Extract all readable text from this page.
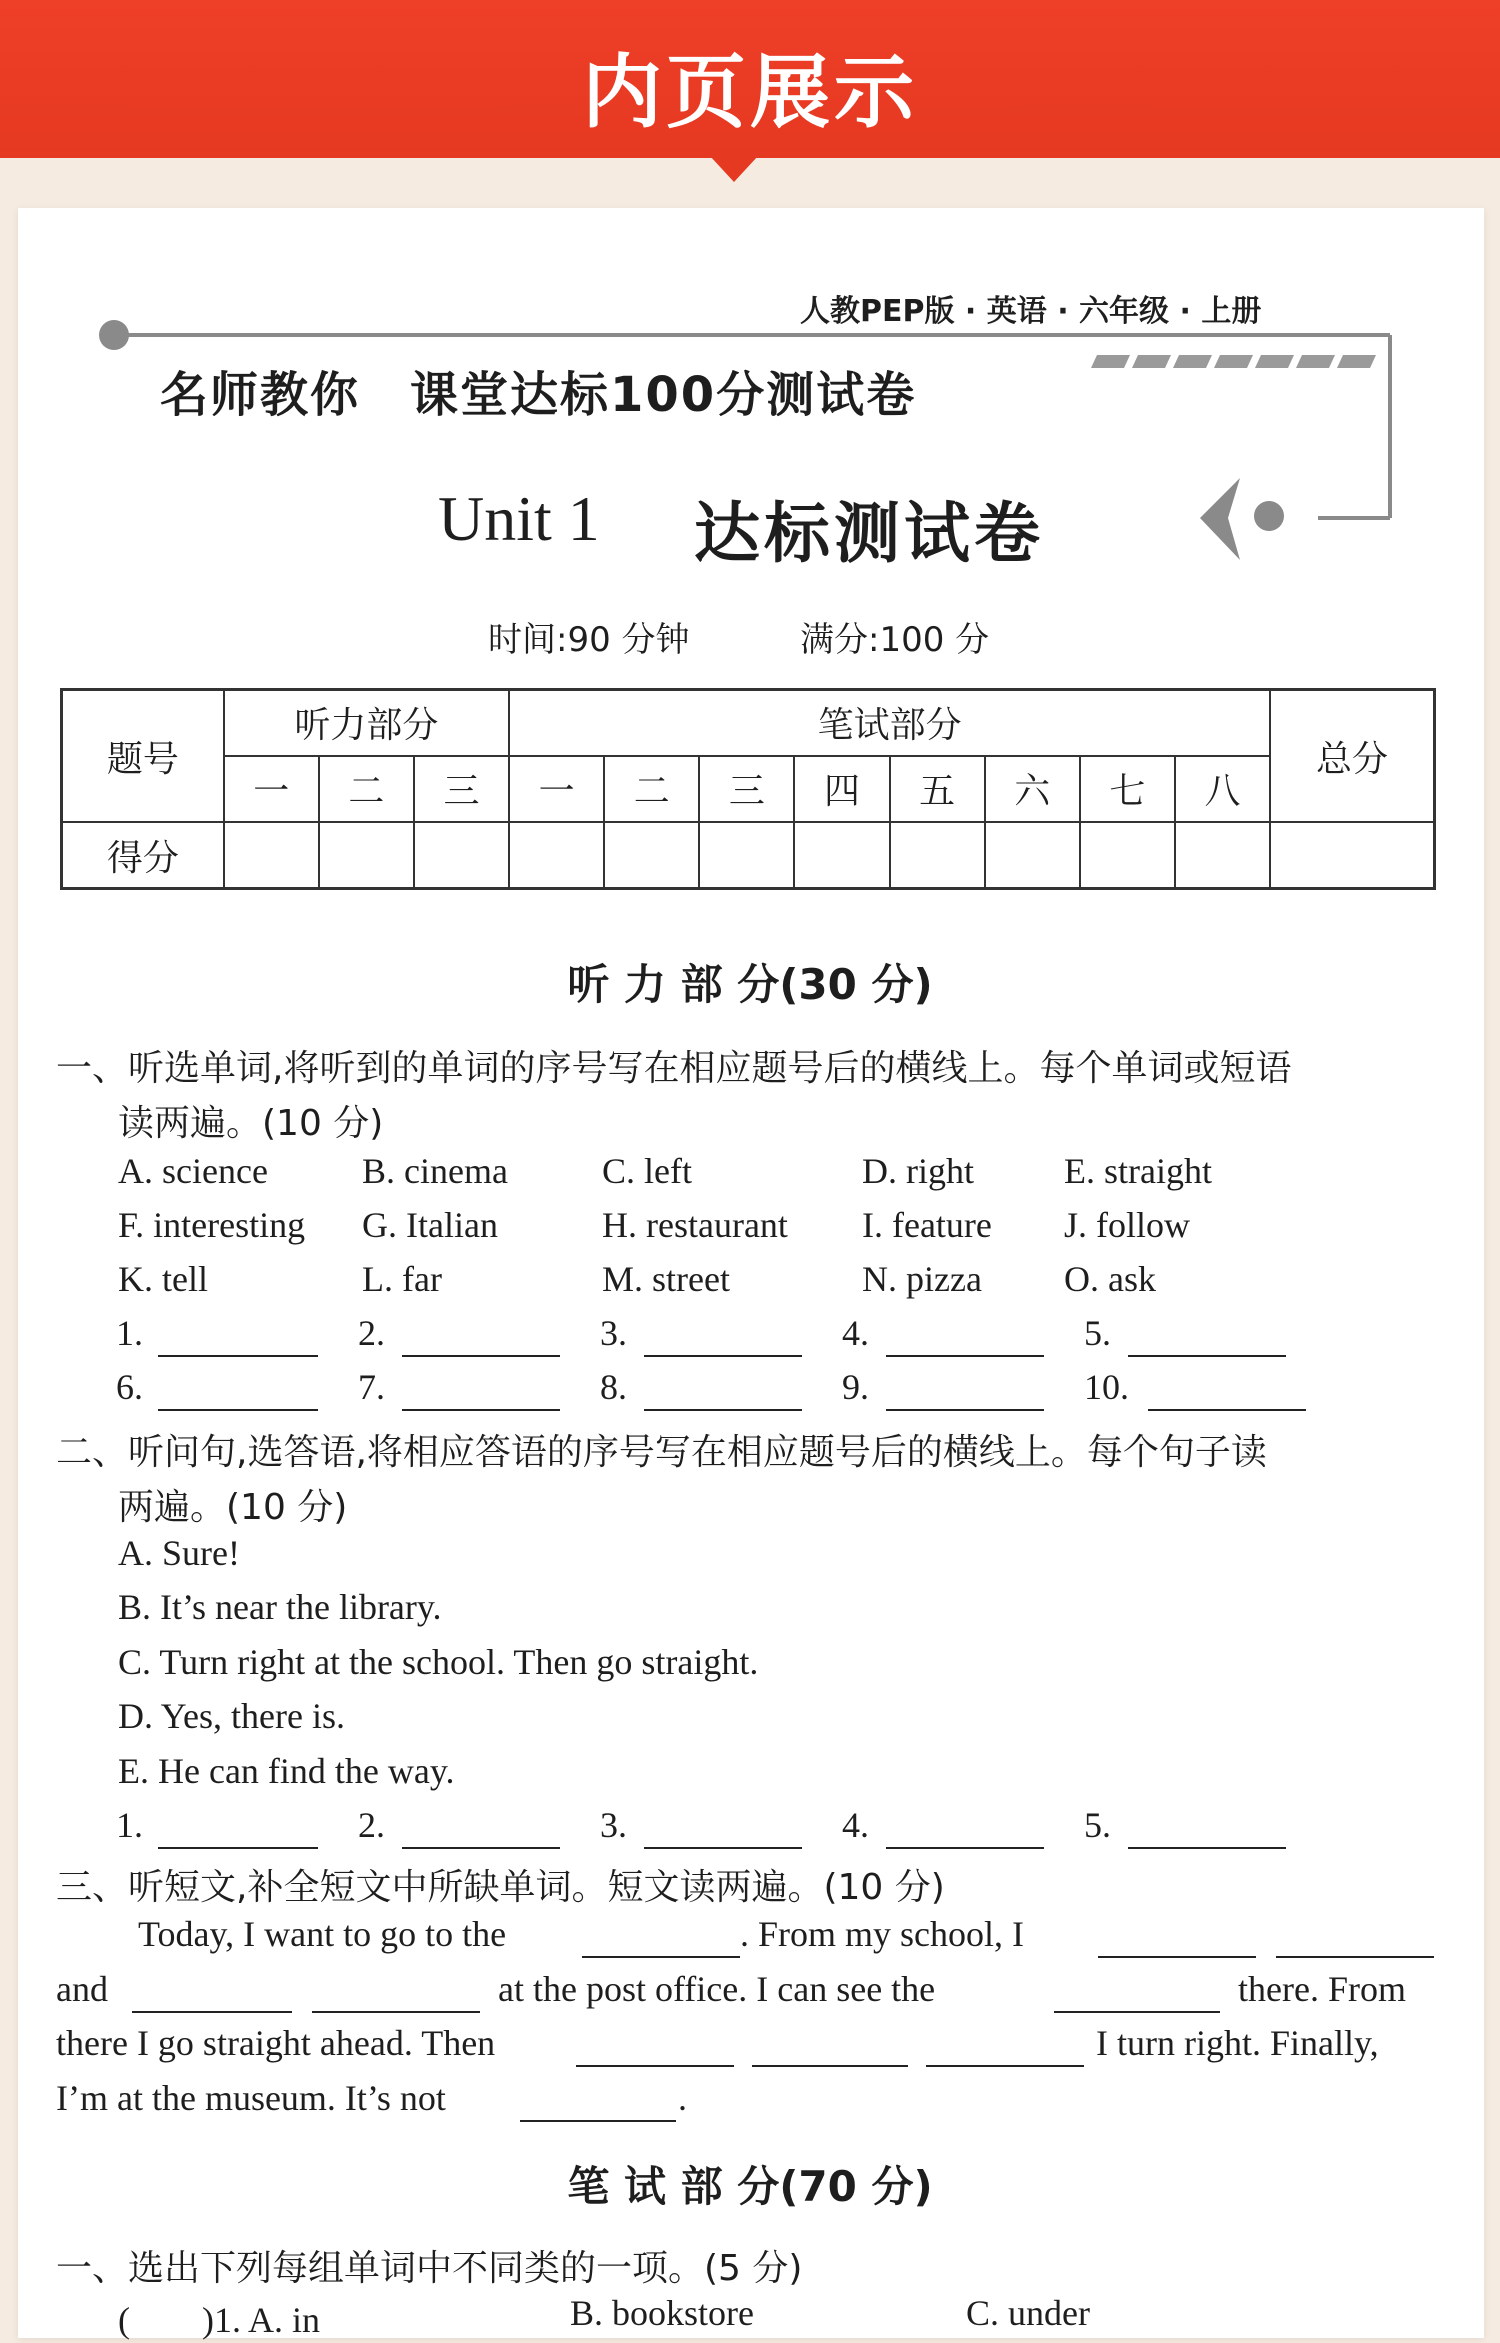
内页展示
人教PEP版 · 英语 · 六年级 · 上册
名师教你　课堂达标100分测试卷
Unit 1 达标测试卷
时间:90 分钟	满分:100 分
题号	听力部分			笔试部分								总分
	一	二	三	一	二	三	四	五	六	七	八	
得分												
听 力 部 分(30 分)
一、听选单词,将听到的单词的序号写在相应题号后的横线上。每个单词或短语
读两遍。(10 分)
A. science	B. cinema	C. left	D. right	E. straight
F. interesting G. Italian	H. restaurant I. feature J. follow
K. tell	L. far	M. street	N. pizza O. ask
1.	2.	3.	4.	5.
6.	7.	8.	9.	10.
二、听问句,选答语,将相应答语的序号写在相应题号后的横线上。每个句子读
两遍。(10 分)
A. Sure!
B. It’s near the library.
C. Turn right at the school. Then go straight.
D. Yes, there is.
E. He can find the way.
1.	2.	3.	4.	5.
三、听短文,补全短文中所缺单词。短文读两遍。(10 分)
Today, I want to go to the	. From my school, I
and	at the post office. I can see the	there. From
there I go straight ahead. Then	I turn right. Finally,
I’m at the museum. It’s not	.
笔 试 部 分(70 分)
一、选出下列每组单词中不同类的一项。(5 分)
(　　)1. A. in	B. bookstore	C. under
